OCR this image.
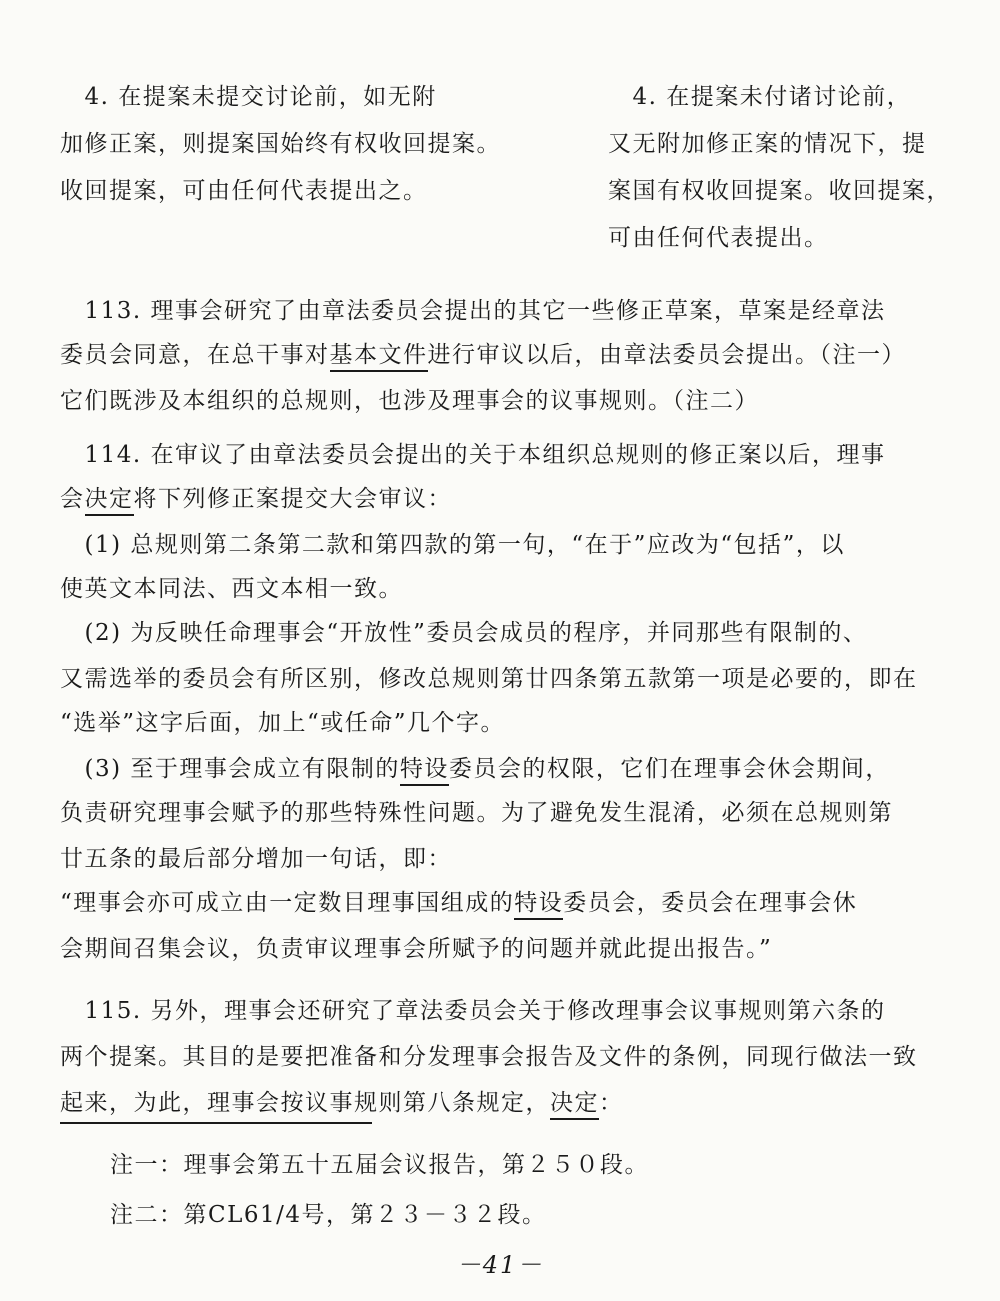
　4. 在提案未提交讨论前，如无附
加修正案，则提案国始终有权收回提案。
收回提案，可由任何代表提出之。
　4. 在提案未付诸讨论前，
又无附加修正案的情况下，提
案国有权收回提案。收回提案，
可由任何代表提出。
　113. 理事会研究了由章法委员会提出的其它一些修正草案，草案是经章法
委员会同意，在总干事对基本文件进行审议以后，由章法委员会提出。（注一）
它们既涉及本组织的总规则，也涉及理事会的议事规则。（注二）
　114. 在审议了由章法委员会提出的关于本组织总规则的修正案以后，理事
会决定将下列修正案提交大会审议：
　(1) 总规则第二条第二款和第四款的第一句，“在于”应改为“包括”，以
使英文本同法、西文本相一致。
　(2) 为反映任命理事会“开放性”委员会成员的程序，并同那些有限制的、
又需选举的委员会有所区别，修改总规则第廿四条第五款第一项是必要的，即在
“选举”这字后面，加上“或任命”几个字。
　(3) 至于理事会成立有限制的特设委员会的权限，它们在理事会休会期间，
负责研究理事会赋予的那些特殊性问题。为了避免发生混淆，必须在总规则第
廿五条的最后部分增加一句话，即：
“理事会亦可成立由一定数目理事国组成的特设委员会，委员会在理事会休
会期间召集会议，负责审议理事会所赋予的问题并就此提出报告。”
　115. 另外，理事会还研究了章法委员会关于修改理事会议事规则第六条的
两个提案。其目的是要把准备和分发理事会报告及文件的条例，同现行做法一致
起来，为此，理事会按议事规则第八条规定，决定：
注一：理事会第五十五届会议报告，第２５０段。
注二：第CL61/4号，第２３－３２段。
－41－
